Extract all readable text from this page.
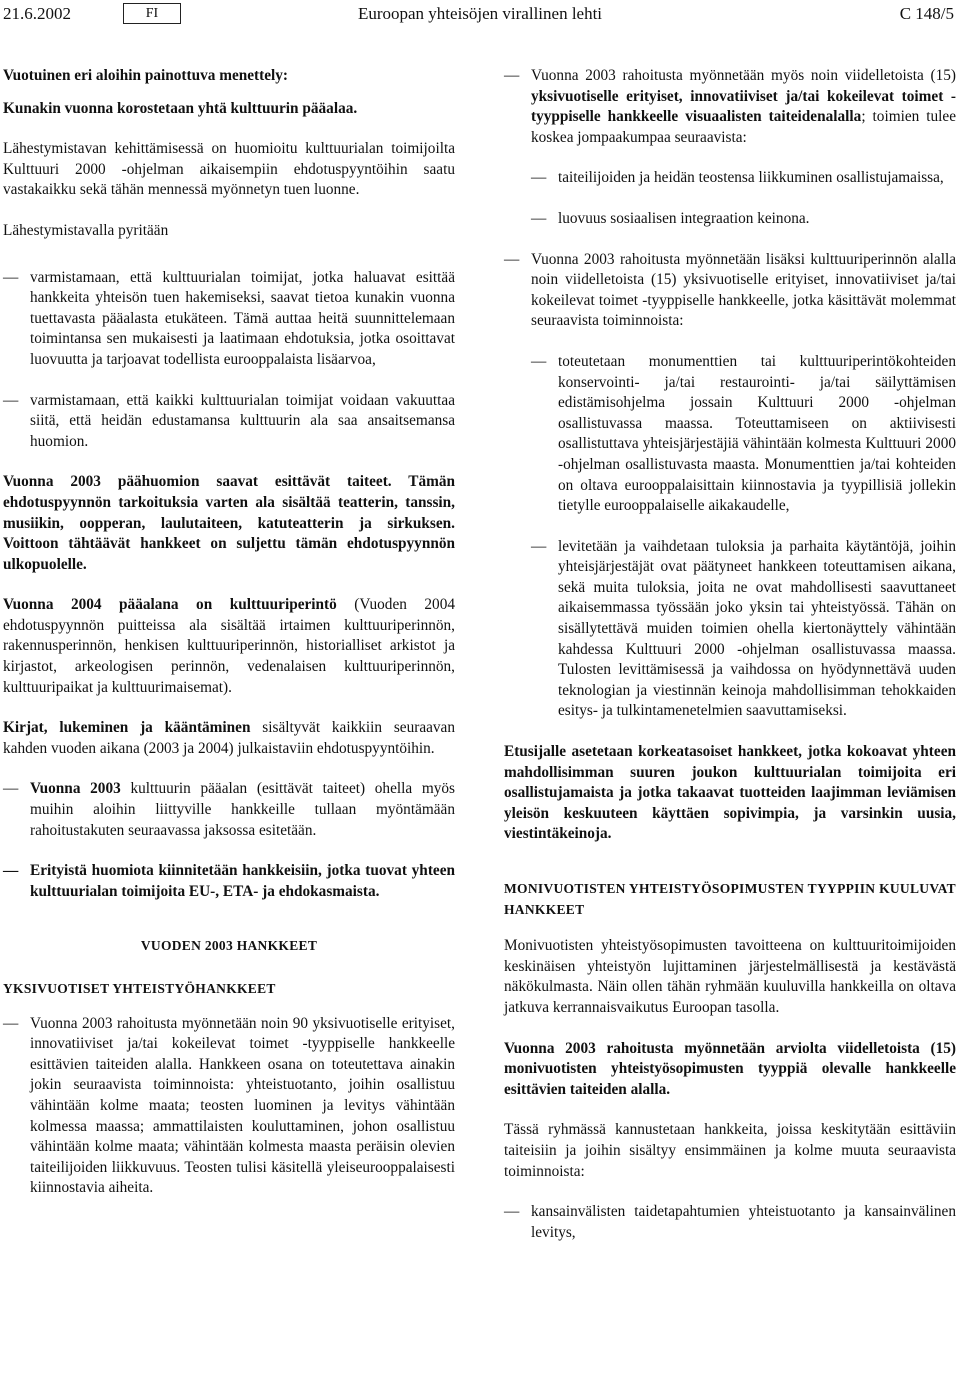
21.6.2002	FI	Euroopan yhteisöjen virallinen lehti	C 148/5

Vuotuinen eri aloihin painottuva menettely:

Kunakin vuonna korostetaan yhtä kulttuurin pääalaa.

Lähestymistavan kehittämisessä on huomioitu kulttuurialan toimijoilta Kulttuuri 2000 -ohjelman aikaisempiin ehdotuspyyntöihin saatu vastakaikku sekä tähän mennessä myönnetyn tuen luonne.

Lähestymistavalla pyritään

— varmistamaan, että kulttuurialan toimijat, jotka haluavat esittää hankkeita yhteisön tuen hakemiseksi, saavat tietoa kunakin vuonna tuettavasta pääalasta etukäteen. Tämä auttaa heitä suunnittelemaan toimintansa sen mukaisesti ja laatimaan ehdotuksia, jotka osoittavat luovuutta ja tarjoavat todellista eurooppalaista lisäarvoa,
— varmistamaan, että kaikki kulttuurialan toimijat voidaan vakuuttaa siitä, että heidän edustamansa kulttuurin ala saa ansaitsemansa huomion.

Vuonna 2003 päähuomion saavat esittävät taiteet. Tämän ehdotuspyynnön tarkoituksia varten ala sisältää teatterin, tanssin, musiikin, oopperan, laulutaiteen, katuteatterin ja sirkuksen. Voittoon tähtäävät hankkeet on suljettu tämän ehdotuspyynnön ulkopuolelle.

Vuonna 2004 pääalana on kulttuuriperintö (Vuoden 2004 ehdotuspyynnön puitteissa ala sisältää irtaimen kulttuuriperinnön, rakennusperinnön, henkisen kulttuuriperinnön, historialliset arkistot ja kirjastot, arkeologisen perinnön, vedenalaisen kulttuuriperinnön, kulttuuripaikat ja kulttuurimaisemat).

Kirjat, lukeminen ja kääntäminen sisältyvät kaikkiin seuraavan kahden vuoden aikana (2003 ja 2004) julkaistaviin ehdotuspyyntöihin.

— Vuonna 2003 kulttuurin pääalan (esittävät taiteet) ohella myös muihin aloihin liittyville hankkeille tullaan myöntämään rahoitustakuten seuraavassa jaksossa esitetään.
— Erityistä huomiota kiinnitetään hankkeisiin, jotka tuovat yhteen kulttuurialan toimijoita EU-, ETA- ja ehdokasmaista.

VUODEN 2003 HANKKEET

YKSIVUOTISET YHTEISTYÖHANKKEET

— Vuonna 2003 rahoitusta myönnetään noin 90 yksivuotiselle erityiset, innovatiiviset ja/tai kokeilevat toimet -tyyppiselle hankkeelle esittävien taiteiden alalla. Hankkeen osana on toteutettava ainakin jokin seuraavista toiminnoista: yhteistuotanto, joihin osallistuu vähintään kolme maata; teosten luominen ja levitys vähintään kolmessa maassa; ammattilaisten kouluttaminen, johon osallistuu vähintään kolme maata; vähintään kolmesta maasta peräisin olevien taiteilijoiden liikkuvuus. Teosten tulisi käsitellä yleiseurooppalaisesti kiinnostavia aiheita.
— Vuonna 2003 rahoitusta myönnetään myös noin viidelletoista (15) yksivuotiselle erityiset, innovatiiviset ja/tai kokeilevat toimet -tyyppiselle hankkeelle visuaalisten taiteidenalalla; toimien tulee koskea jompaakumpaa seuraavista:
— taiteilijoiden ja heidän teostensa liikkuminen osallistujamaissa,
— luovuus sosiaalisen integraation keinona.
— Vuonna 2003 rahoitusta myönnetään lisäksi kulttuuriperinnön alalla noin viidelletoista (15) yksivuotiselle erityiset, innovatiiviset ja/tai kokeilevat toimet -tyyppiselle hankkeelle, jotka käsittävät molemmat seuraavista toiminnoista:
— toteutetaan monumenttien tai kulttuuriperintökohteiden konservointi- ja/tai restaurointi- ja/tai säilyttämisen edistämisohjelma jossain Kulttuuri 2000 -ohjelman osallistuvassa maassa. Toteuttamiseen on aktiivisesti osallistuttava yhteisjärjestäjiä vähintään kolmesta Kulttuuri 2000 -ohjelman osallistuvasta maasta. Monumenttien ja/tai kohteiden on oltava eurooppalaisittain kiinnostavia ja tyypillisiä jollekin tietylle eurooppalaiselle aikakaudelle,
— levitetään ja vaihdetaan tuloksia ja parhaita käytäntöjä, joihin yhteisjärjestäjät ovat päätyneet hankkeen toteuttamisen aikana, sekä muita tuloksia, joita ne ovat mahdollisesti saavuttaneet aikaisemmassa työssään joko yksin tai yhteistyössä. Tähän on sisällytettävä muiden toimien ohella kiertonäyttely vähintään kahdessa Kulttuuri 2000 -ohjelman osallistuvassa maassa. Tulosten levittämisessä ja vaihdossa on hyödynnettävä uuden teknologian ja viestinnän keinoja mahdollisimman tehokkaiden esitys- ja tulkintamenetelmien saavuttamiseksi.

Etusijalle asetetaan korkeatasoiset hankkeet, jotka kokoavat yhteen mahdollisimman suuren joukon kulttuurialan toimijoita eri osallistujamaista ja jotka takaavat tuotteiden laajimman leviämisen yleisön keskuuteen käyttäen sopivimpia, ja varsinkin uusia, viestintäkeinoja.

MONIVUOTISTEN YHTEISTYÖSOPIMUSTEN TYYPPIIN KUULUVAT HANKKEET

Monivuotisten yhteistyösopimusten tavoitteena on kulttuuritoimijoiden keskinäisen yhteistyön lujittaminen järjestelmällisestä ja kestävästä näkökulmasta. Näin ollen tähän ryhmään kuuluvilla hankkeilla on oltava jatkuva kerrannaisvaikutus Euroopan tasolla.

Vuonna 2003 rahoitusta myönnetään arviolta viidelletoista (15) monivuotisten yhteistyösopimusten tyyppiä olevalle hankkeelle esittävien taiteiden alalla.

Tässä ryhmässä kannustetaan hankkeita, joissa keskitytään esittäviin taiteisiin ja joihin sisältyy ensimmäinen ja kolme muuta seuraavista toiminnoista:

— kansainvälisten taidetapahtumien yhteistuotanto ja kansainvälinen levitys,
